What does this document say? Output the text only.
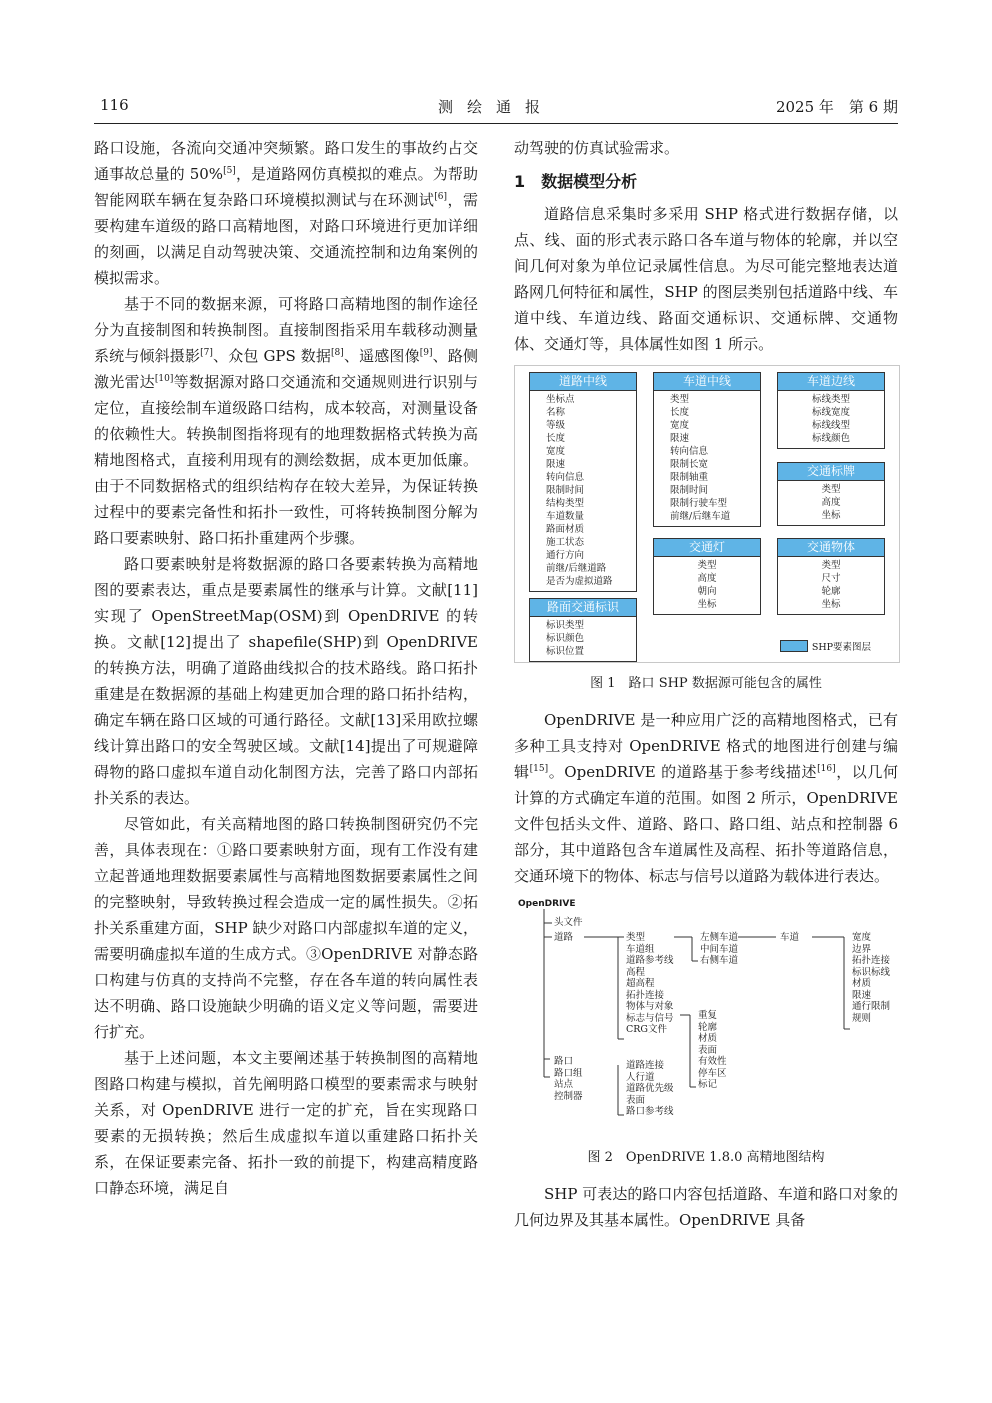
116	测绘通报	2025 年　第 6 期

路口设施，各流向交通冲突频繁。路口发生的事故约占交通事故总量的 50%[5]，是道路网仿真模拟的难点。为帮助智能网联车辆在复杂路口环境模拟测试与在环测试[6]，需要构建车道级的路口高精地图，对路口环境进行更加详细的刻画，以满足自动驾驶决策、交通流控制和边角案例的模拟需求。

基于不同的数据来源，可将路口高精地图的制作途径分为直接制图和转换制图。直接制图指采用车载移动测量系统与倾斜摄影[7]、众包 GPS 数据[8]、遥感图像[9]、路侧激光雷达[10]等数据源对路口交通流和交通规则进行识别与定位，直接绘制车道级路口结构，成本较高，对测量设备的依赖性大。转换制图指将现有的地理数据格式转换为高精地图格式，直接利用现有的测绘数据，成本更加低廉。由于不同数据格式的组织结构存在较大差异，为保证转换过程中的要素完备性和拓扑一致性，可将转换制图分解为路口要素映射、路口拓扑重建两个步骤。

路口要素映射是将数据源的路口各要素转换为高精地图的要素表达，重点是要素属性的继承与计算。文献[11]实现了 OpenStreetMap(OSM)到 OpenDRIVE 的转换。文献[12]提出了 shapefile(SHP)到 OpenDRIVE 的转换方法，明确了道路曲线拟合的技术路线。路口拓扑重建是在数据源的基础上构建更加合理的路口拓扑结构，确定车辆在路口区域的可通行路径。文献[13]采用欧拉螺线计算出路口的安全驾驶区域。文献[14]提出了可规避障碍物的路口虚拟车道自动化制图方法，完善了路口内部拓扑关系的表达。

尽管如此，有关高精地图的路口转换制图研究仍不完善，具体表现在：①路口要素映射方面，现有工作没有建立起普通地理数据要素属性与高精地图数据要素属性之间的完整映射，导致转换过程会造成一定的属性损失。②拓扑关系重建方面，SHP 缺少对路口内部虚拟车道的定义，需要明确虚拟车道的生成方式。③OpenDRIVE 对静态路口构建与仿真的支持尚不完整，存在各车道的转向属性表达不明确、路口设施缺少明确的语义定义等问题，需要进行扩充。

基于上述问题，本文主要阐述基于转换制图的高精地图路口构建与模拟，首先阐明路口模型的要素需求与映射关系，对 OpenDRIVE 进行一定的扩充，旨在实现路口要素的无损转换；然后生成虚拟车道以重建路口拓扑关系，在保证要素完备、拓扑一致的前提下，构建高精度路口静态环境，满足自

动驾驶的仿真试验需求。

1　数据模型分析

道路信息采集时多采用 SHP 格式进行数据存储，以点、线、面的形式表示路口各车道与物体的轮廓，并以空间几何对象为单位记录属性信息。为尽可能完整地表达道路网几何特征和属性，SHP 的图层类别包括道路中线、车道中线、车道边线、路面交通标识、交通标牌、交通物体、交通灯等，具体属性如图 1 所示。

道路中线
坐标点
名称
等级
长度
宽度
限速
转向信息
限制时间
结构类型
车道数量
路面材质
施工状态
通行方向
前继/后继道路
是否为虚拟道路
路面交通标识
标识类型
标识颜色
标识位置
车道中线
类型
长度
宽度
限速
转向信息
限制长宽
限制轴重
限制时间
限制行驶车型
前继/后继车道
交通灯
类型
高度
朝向
坐标
车道边线
标线类型
标线宽度
标线线型
标线颜色
交通标牌
类型
高度
坐标
交通物体
类型
尺寸
轮廓
坐标
SHP要素图层

图 1　路口 SHP 数据源可能包含的属性

OpenDRIVE 是一种应用广泛的高精地图格式，已有多种工具支持对 OpenDRIVE 格式的地图进行创建与编辑[15]。OpenDRIVE 的道路基于参考线描述[16]，以几何计算的方式确定车道的范围。如图 2 所示，OpenDRIVE 文件包括头文件、道路、路口、路口组、站点和控制器 6 部分，其中道路包含车道属性及高程、拓扑等道路信息，交通环境下的物体、标志与信号以道路为载体进行表达。

OpenDRIVE
头文件
道路	类型
车道组
道路参考线
高程
超高程
拓扑连接
物体与对象
标志与信号
CRG文件
左侧车道
中间车道
右侧车道
车道	宽度
边界
拓扑连接
标识标线
材质
限速
通行限制
规则
重复
轮廓
材质
表面
有效性
停车区
标记
路口
路口组
站点
控制器
道路连接
人行道
道路优先级
表面
路口参考线

图 2　OpenDRIVE 1.8.0 高精地图结构

SHP 可表达的路口内容包括道路、车道和路口对象的几何边界及其基本属性。OpenDRIVE 具备
